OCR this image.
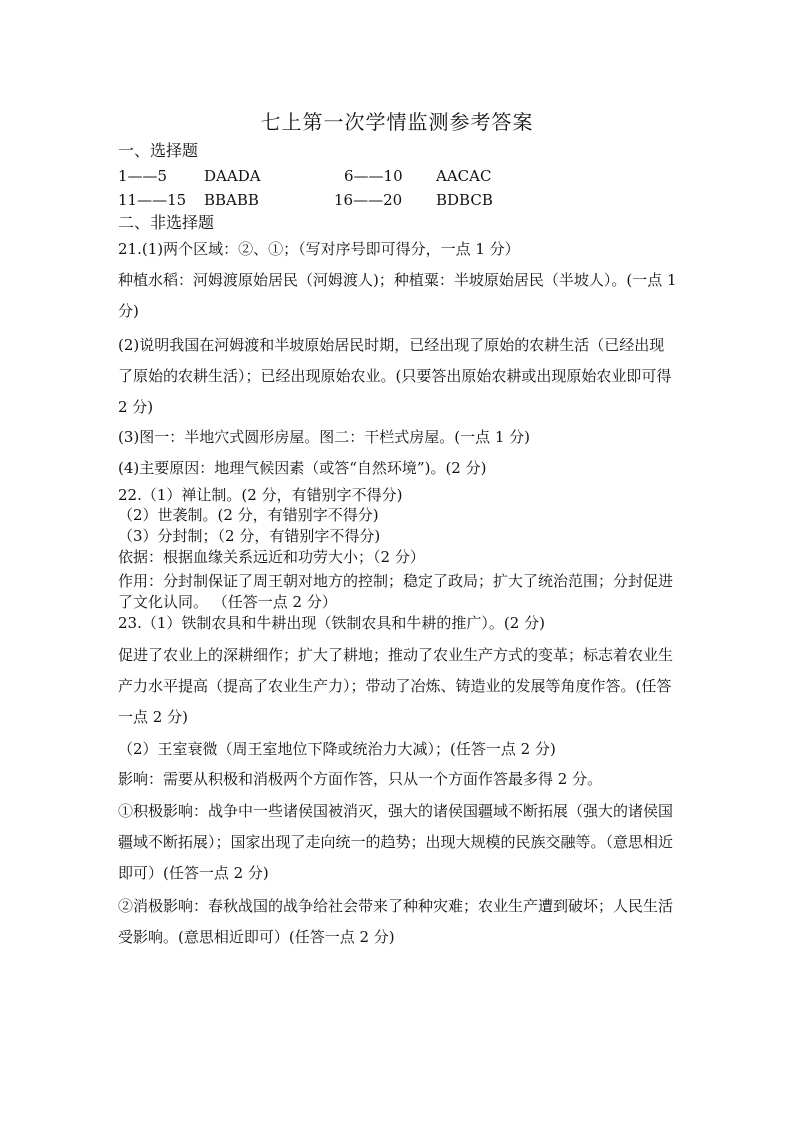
七上第一次学情监测参考答案
一、选择题
1——5 DAADA	6——10 AACAC
11——15 BBABB	16——20 BDBCB
二、非选择题
21.(1)两个区域：②、①；（写对序号即可得分，一点 1 分）
种植水稻：河姆渡原始居民（河姆渡人)；种植粟：半坡原始居民（半坡人）。(一点 1 分)
(2)说明我国在河姆渡和半坡原始居民时期，已经出现了原始的农耕生活（已经出现了原始的农耕生活）；已经出现原始农业。(只要答出原始农耕或出现原始农业即可得 2 分)
(3)图一：半地穴式圆形房屋。图二：干栏式房屋。(一点 1 分)
(4)主要原因：地理气候因素（或答“自然环境”)。(2 分)
22.（1）禅让制。(2 分，有错别字不得分)
（2）世袭制。(2 分，有错别字不得分)
（3）分封制；（2 分，有错别字不得分)
依据：根据血缘关系远近和功劳大小；（2 分）
作用：分封制保证了周王朝对地方的控制；稳定了政局；扩大了统治范围；分封促进了文化认同。 （任答一点 2 分）
23.（1）铁制农具和牛耕出现（铁制农具和牛耕的推广）。(2 分)
促进了农业上的深耕细作；扩大了耕地；推动了农业生产方式的变革；标志着农业生产力水平提高（提高了农业生产力）；带动了冶炼、铸造业的发展等角度作答。(任答一点 2 分)
（2）王室衰微（周王室地位下降或统治力大减）；(任答一点 2 分)
影响：需要从积极和消极两个方面作答，只从一个方面作答最多得 2 分。
①积极影响：战争中一些诸侯国被消灭，强大的诸侯国疆域不断拓展（强大的诸侯国疆域不断拓展）；国家出现了走向统一的趋势；出现大规模的民族交融等。（意思相近即可）(任答一点 2 分)
②消极影响：春秋战国的战争给社会带来了种种灾难；农业生产遭到破坏；人民生活受影响。(意思相近即可）(任答一点 2 分)
